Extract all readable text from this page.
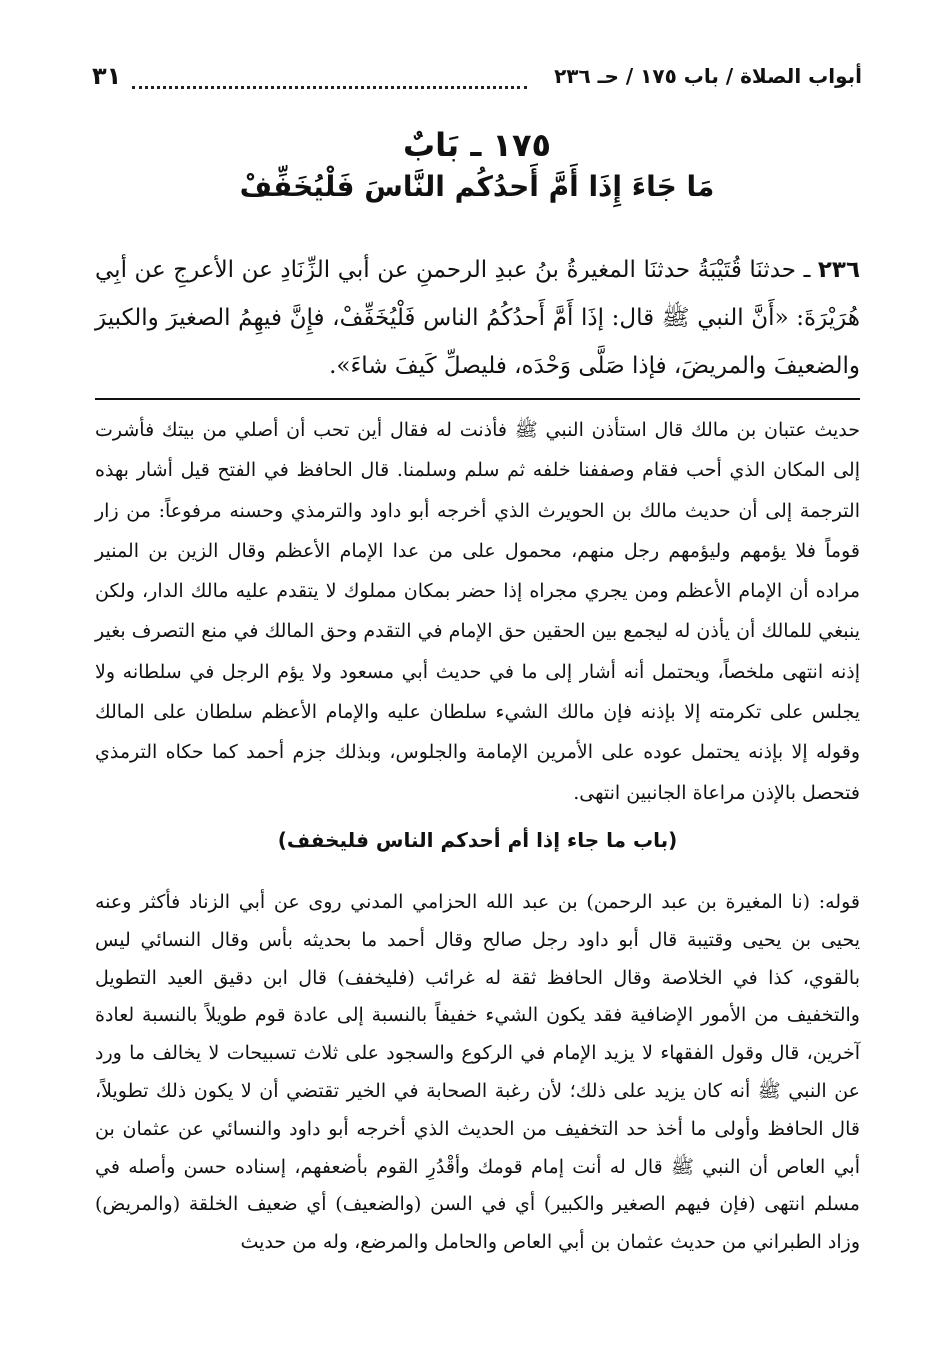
أبواب الصلاة / باب ١٧٥ / حـ ٢٣٦
٣١
١٧٥ ـ بَابٌ
مَا جَاءَ إِذَا أَمَّ أَحدُكُم النَّاسَ فَلْيُخَفِّفْ

٢٣٦ ـ حدثنَا قُتَيْبَةُ حدثنَا المغيرةُ بنُ عبدِ الرحمنِ عن أبي الزِّنَادِ عن الأعرجِ عن أبِي هُرَيْرَةَ: «أَنَّ النبي ﷺ قال: إذَا أَمَّ أَحدُكُمُ الناس فَلْيُخَفِّفْ، فإِنَّ فيهِمُ الصغيرَ والكبيرَ والضعيفَ والمريضَ، فإذا صَلَّى وَحْدَه، فليصلِّ كَيفَ شاءَ».

حديث عتبان بن مالك قال استأذن النبي ﷺ فأذنت له فقال أين تحب أن أصلي من بيتك فأشرت إلى المكان الذي أحب فقام وصففنا خلفه ثم سلم وسلمنا. قال الحافظ في الفتح قيل أشار بهذه الترجمة إلى أن حديث مالك بن الحويرث الذي أخرجه أبو داود والترمذي وحسنه مرفوعاً: من زار قوماً فلا يؤمهم وليؤمهم رجل منهم، محمول على من عدا الإمام الأعظم وقال الزين بن المنير مراده أن الإمام الأعظم ومن يجري مجراه إذا حضر بمكان مملوك لا يتقدم عليه مالك الدار، ولكن ينبغي للمالك أن يأذن له ليجمع بين الحقين حق الإمام في التقدم وحق المالك في منع التصرف بغير إذنه انتهى ملخصاً، ويحتمل أنه أشار إلى ما في حديث أبي مسعود ولا يؤم الرجل في سلطانه ولا يجلس على تكرمته إلا بإذنه فإن مالك الشيء سلطان عليه والإمام الأعظم سلطان على المالك وقوله إلا بإذنه يحتمل عوده على الأمرين الإمامة والجلوس، وبذلك جزم أحمد كما حكاه الترمذي فتحصل بالإذن مراعاة الجانبين انتهى.

(باب ما جاء إذا أم أحدكم الناس فليخفف)

قوله: (نا المغيرة بن عبد الرحمن) بن عبد الله الحزامي المدني روى عن أبي الزناد فأكثر وعنه يحيى بن يحيى وقتيبة قال أبو داود رجل صالح وقال أحمد ما بحديثه بأس وقال النسائي ليس بالقوي، كذا في الخلاصة وقال الحافظ ثقة له غرائب (فليخفف) قال ابن دقيق العيد التطويل والتخفيف من الأمور الإضافية فقد يكون الشيء خفيفاً بالنسبة إلى عادة قوم طويلاً بالنسبة لعادة آخرين، قال وقول الفقهاء لا يزيد الإمام في الركوع والسجود على ثلاث تسبيحات لا يخالف ما ورد عن النبي ﷺ أنه كان يزيد على ذلك؛ لأن رغبة الصحابة في الخير تقتضي أن لا يكون ذلك تطويلاً، قال الحافظ وأولى ما أخذ حد التخفيف من الحديث الذي أخرجه أبو داود والنسائي عن عثمان بن أبي العاص أن النبي ﷺ قال له أنت إمام قومك وأقْدُرِ القوم بأضعفهم، إسناده حسن وأصله في مسلم انتهى (فإن فيهم الصغير والكبير) أي في السن (والضعيف) أي ضعيف الخلقة (والمريض) وزاد الطبراني من حديث عثمان بن أبي العاص والحامل والمرضع، وله من حديث
